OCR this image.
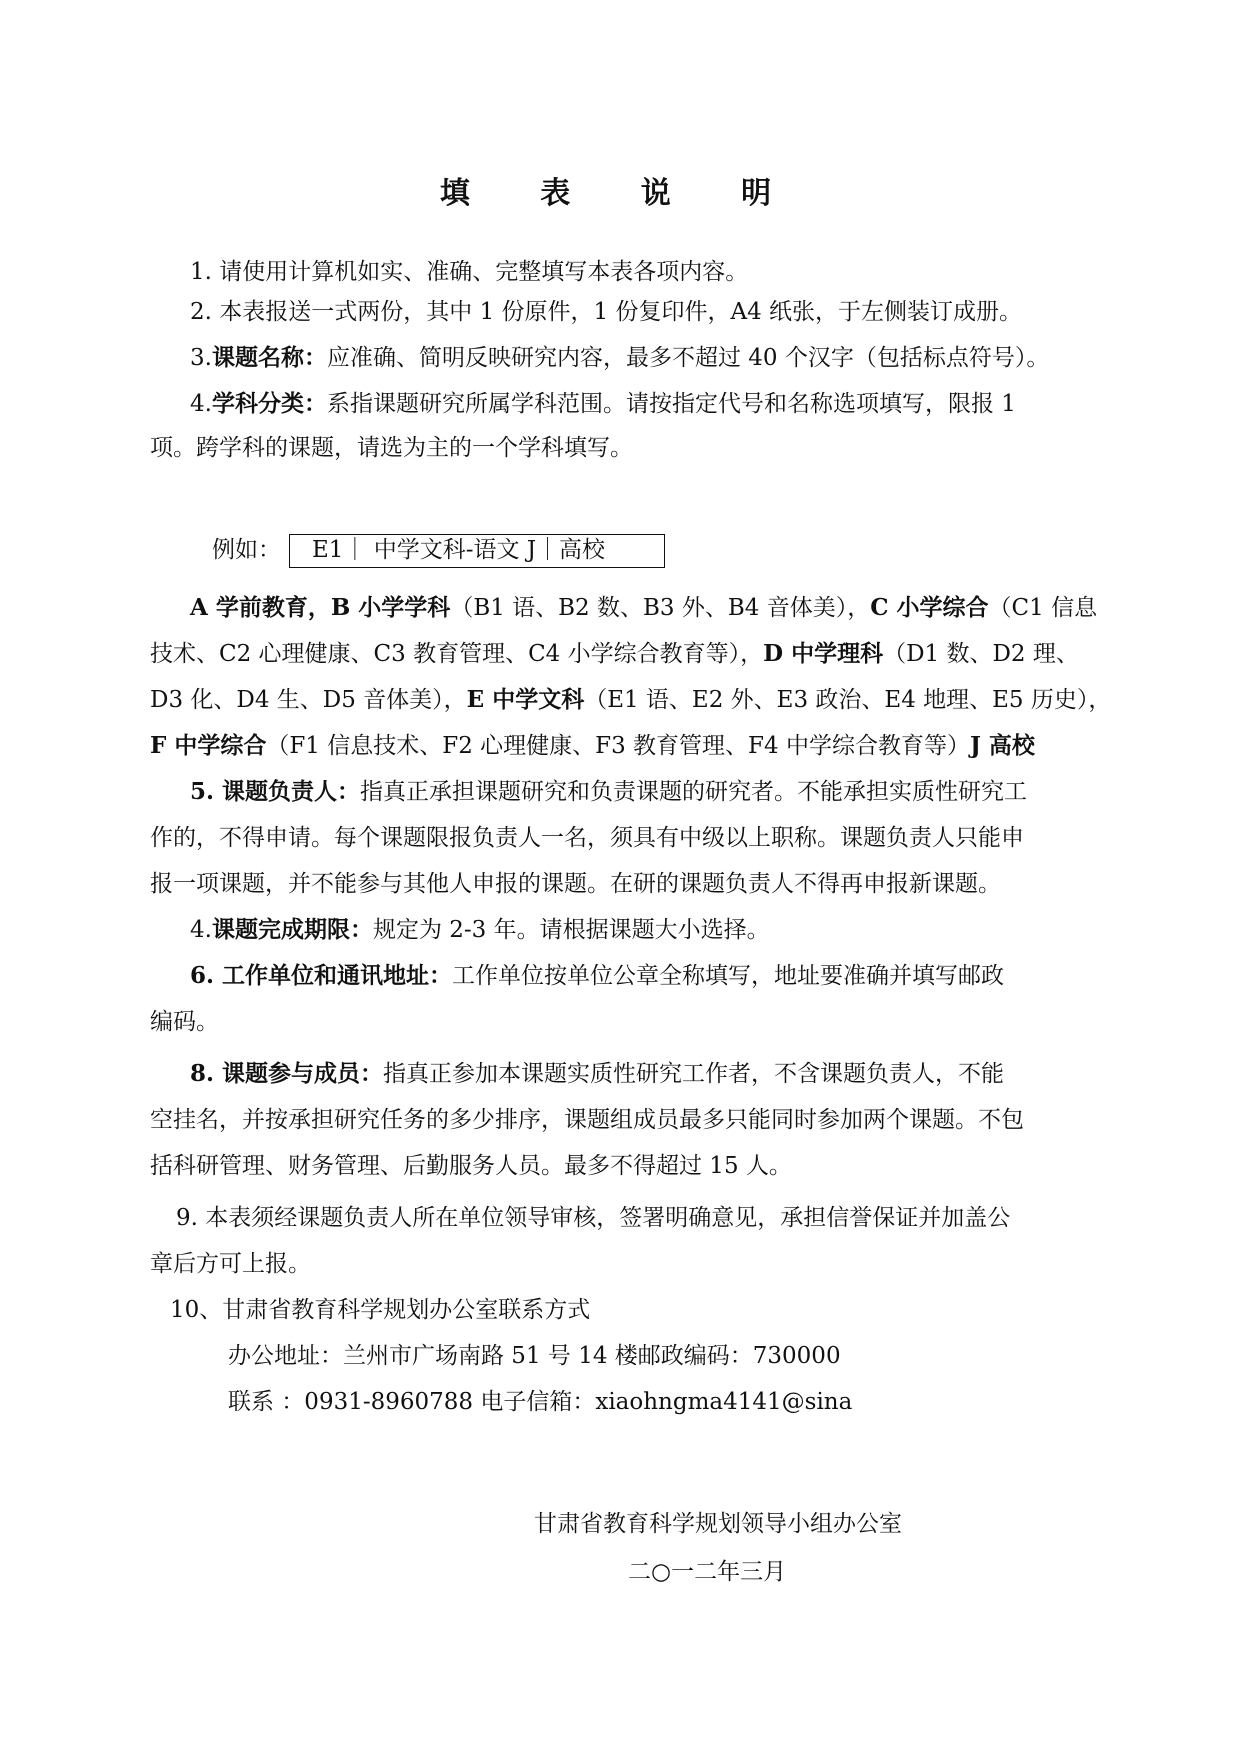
填 表 说 明
1. 请使用计算机如实、准确、完整填写本表各项内容。
2. 本表报送一式两份，其中 1 份原件，1 份复印件，A4 纸张，于左侧装订成册。
3.课题名称：应准确、简明反映研究内容，最多不超过 40 个汉字（包括标点符号）。
4.学科分类：系指课题研究所属学科范围。请按指定代号和名称选项填写，限报 1
项。跨学科的课题，请选为主的一个学科填写。
例如：	E1｜ 中学文科-语文 J｜高校
A 学前教育，B 小学学科（B1 语、B2 数、B3 外、B4 音体美），C 小学综合（C1 信息
技术、C2 心理健康、C3 教育管理、C4 小学综合教育等），D 中学理科（D1 数、D2 理、
D3 化、D4 生、D5 音体美），E 中学文科（E1 语、E2 外、E3 政治、E4 地理、E5 历史），
F 中学综合（F1 信息技术、F2 心理健康、F3 教育管理、F4 中学综合教育等）J 高校
5. 课题负责人：指真正承担课题研究和负责课题的研究者。不能承担实质性研究工
作的，不得申请。每个课题限报负责人一名，须具有中级以上职称。课题负责人只能申
报一项课题，并不能参与其他人申报的课题。在研的课题负责人不得再申报新课题。
4.课题完成期限：规定为 2-3 年。请根据课题大小选择。
6. 工作单位和通讯地址：工作单位按单位公章全称填写，地址要准确并填写邮政
编码。
8. 课题参与成员：指真正参加本课题实质性研究工作者，不含课题负责人，不能
空挂名，并按承担研究任务的多少排序，课题组成员最多只能同时参加两个课题。不包
括科研管理、财务管理、后勤服务人员。最多不得超过 15 人。
9. 本表须经课题负责人所在单位领导审核，签署明确意见，承担信誉保证并加盖公
章后方可上报。
10、甘肃省教育科学规划办公室联系方式
办公地址：兰州市广场南路 51 号 14 楼邮政编码：730000
联系 ：0931-8960788 电子信箱：xiaohngma4141@sina
甘肃省教育科学规划领导小组办公室
二○一二年三月
